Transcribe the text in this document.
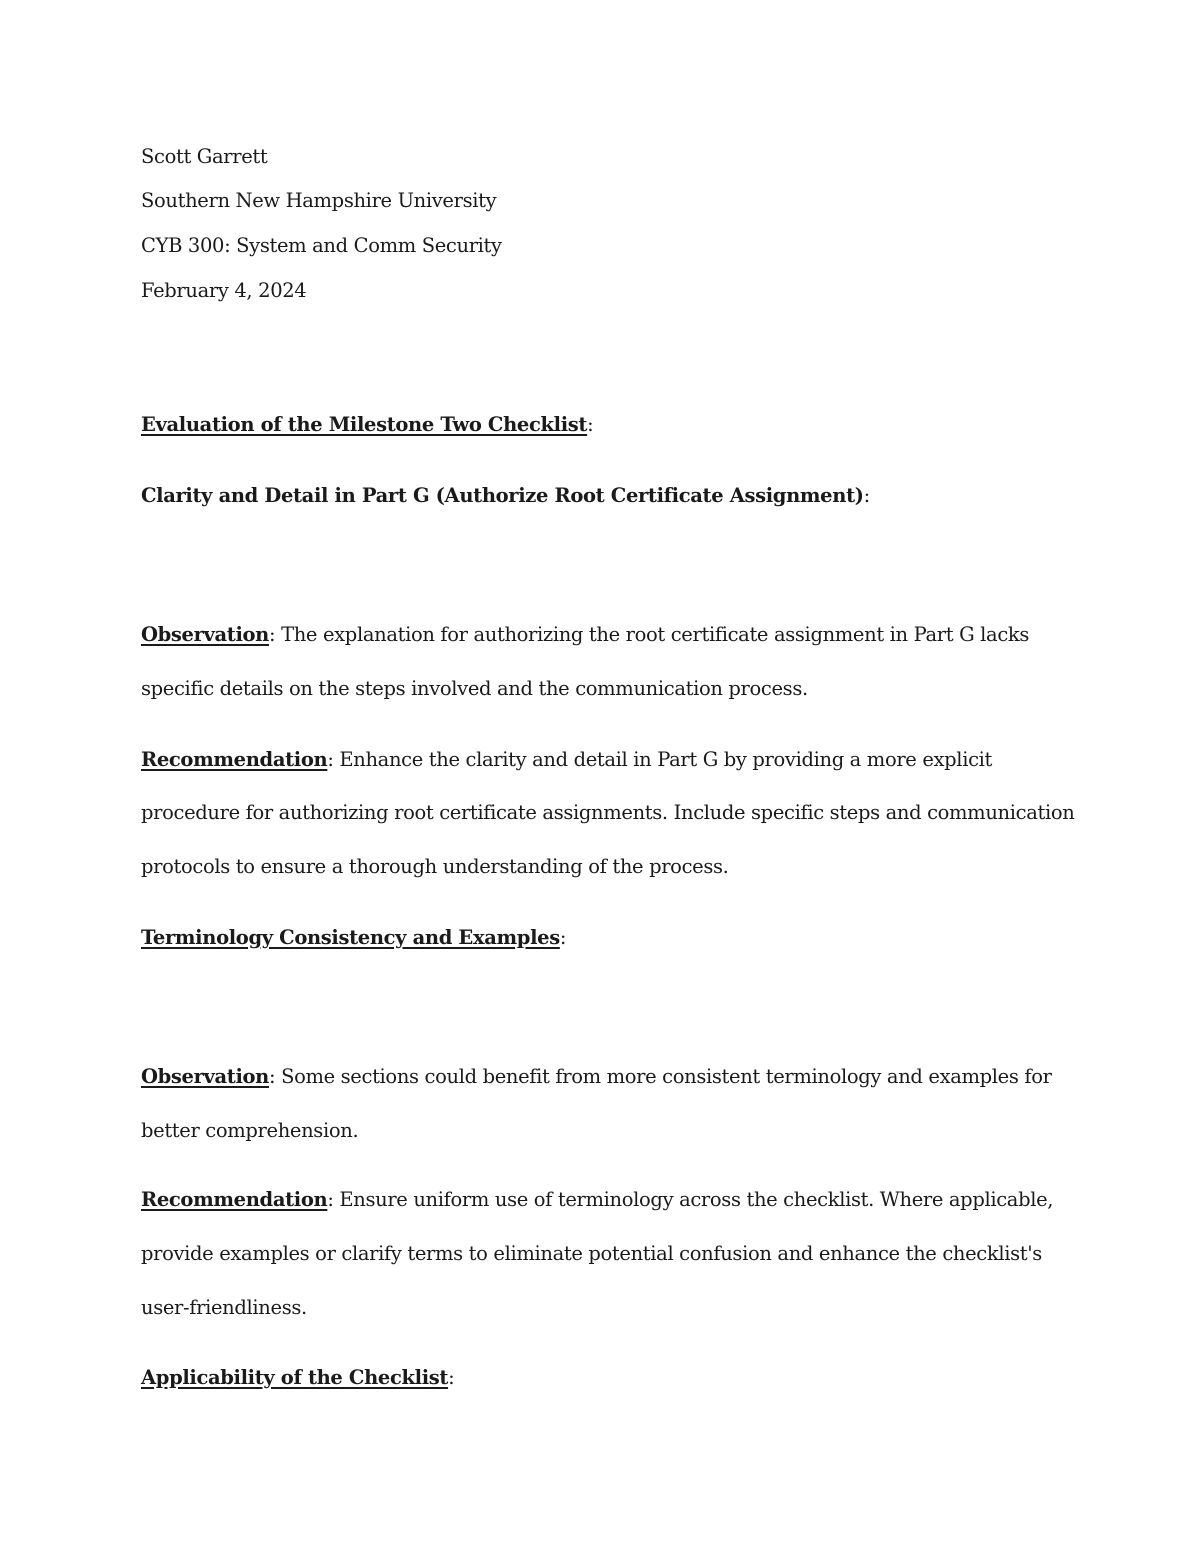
Scott Garrett

Southern New Hampshire University

CYB 300: System and Comm Security

February 4, 2024

Evaluation of the Milestone Two Checklist:

Clarity and Detail in Part G (Authorize Root Certificate Assignment):

Observation: The explanation for authorizing the root certificate assignment in Part G lacks

specific details on the steps involved and the communication process.

Recommendation: Enhance the clarity and detail in Part G by providing a more explicit

procedure for authorizing root certificate assignments. Include specific steps and communication

protocols to ensure a thorough understanding of the process.

Terminology Consistency and Examples:

Observation: Some sections could benefit from more consistent terminology and examples for

better comprehension.

Recommendation: Ensure uniform use of terminology across the checklist. Where applicable,

provide examples or clarify terms to eliminate potential confusion and enhance the checklist's

user-friendliness.

Applicability of the Checklist:
